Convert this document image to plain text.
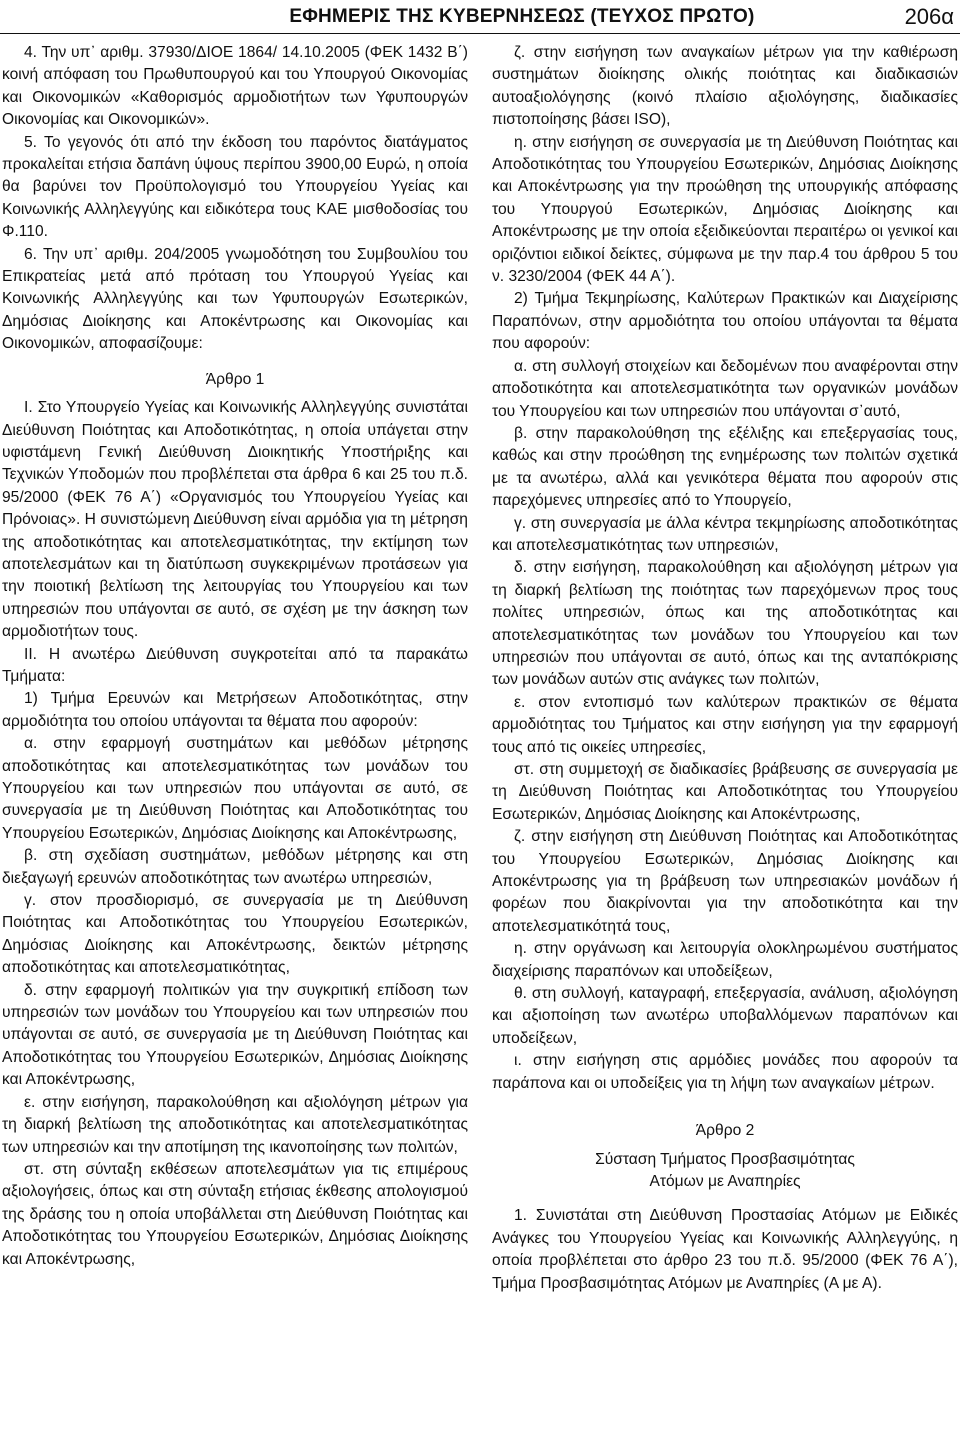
ΕΦΗΜΕΡΙΣ ΤΗΣ ΚΥΒΕΡΝΗΣΕΩΣ (ΤΕΥΧΟΣ ΠΡΩΤΟ)	206α

4. Την υπ᾽ αριθμ. 37930/ΔΙΟΕ 1864/ 14.10.2005 (ΦΕΚ 1432 Β΄) κοινή απόφαση του Πρωθυπουργού και του Υπουργού Οικονομίας και Οικονομικών «Καθορισμός αρμοδιοτήτων των Υφυπουργών Οικονομίας και Οικονομικών».

5. Το γεγονός ότι από την έκδοση του παρόντος διατάγματος προκαλείται ετήσια δαπάνη ύψους περίπου 3900,00 Ευρώ, η οποία θα βαρύνει τον Προϋπολογισμό του Υπουργείου Υγείας και Κοινωνικής Αλληλεγγύης και ειδικότερα τους ΚΑΕ μισθοδοσίας του Φ.110.

6. Την υπ᾽ αριθμ. 204/2005 γνωμοδότηση του Συμβουλίου του Επικρατείας μετά από πρόταση του Υπουργού Υγείας και Κοινωνικής Αλληλεγγύης και των Υφυπουργών Εσωτερικών, Δημόσιας Διοίκησης και Αποκέντρωσης και Οικονομίας και Οικονομικών, αποφασίζουμε:

Άρθρο 1

Ι. Στο Υπουργείο Υγείας και Κοινωνικής Αλληλεγγύης συνιστάται Διεύθυνση Ποιότητας και Αποδοτικότητας, η οποία υπάγεται στην υφιστάμενη Γενική Διεύθυνση Διοικητικής Υποστήριξης και Τεχνικών Υποδομών που προβλέπεται στα άρθρα 6 και 25 του π.δ. 95/2000 (ΦΕΚ 76 Α΄) «Οργανισμός του Υπουργείου Υγείας και Πρόνοιας». Η συνιστώμενη Διεύθυνση είναι αρμόδια για τη μέτρηση της αποδοτικότητας και αποτελεσματικότητας, την εκτίμηση των αποτελεσμάτων και τη διατύπωση συγκεκριμένων προτάσεων για την ποιοτική βελτίωση της λειτουργίας του Υπουργείου και των υπηρεσιών που υπάγονται σε αυτό, σε σχέση με την άσκηση των αρμοδιοτήτων τους.

ΙΙ. Η ανωτέρω Διεύθυνση συγκροτείται από τα παρακάτω Τμήματα:

1) Τμήμα Ερευνών και Μετρήσεων Αποδοτικότητας, στην αρμοδιότητα του οποίου υπάγονται τα θέματα που αφορούν:

α. στην εφαρμογή συστημάτων και μεθόδων μέτρησης αποδοτικότητας και αποτελεσματικότητας των μονάδων του Υπουργείου και των υπηρεσιών που υπάγονται σε αυτό, σε συνεργασία με τη Διεύθυνση Ποιότητας και Αποδοτικότητας του Υπουργείου Εσωτερικών, Δημόσιας Διοίκησης και Αποκέντρωσης,

β. στη σχεδίαση συστημάτων, μεθόδων μέτρησης και στη διεξαγωγή ερευνών αποδοτικότητας των ανωτέρω υπηρεσιών,

γ. στον προσδιορισμό, σε συνεργασία με τη Διεύθυνση Ποιότητας και Αποδοτικότητας του Υπουργείου Εσωτερικών, Δημόσιας Διοίκησης και Αποκέντρωσης, δεικτών μέτρησης αποδοτικότητας και αποτελεσματικότητας,

δ. στην εφαρμογή πολιτικών για την συγκριτική επίδοση των υπηρεσιών των μονάδων του Υπουργείου και των υπηρεσιών που υπάγονται σε αυτό, σε συνεργασία με τη Διεύθυνση Ποιότητας και Αποδοτικότητας του Υπουργείου Εσωτερικών, Δημόσιας Διοίκησης και Αποκέντρωσης,

ε. στην εισήγηση, παρακολούθηση και αξιολόγηση μέτρων για τη διαρκή βελτίωση της αποδοτικότητας και αποτελεσματικότητας των υπηρεσιών και την αποτίμηση της ικανοποίησης των πολιτών,

στ. στη σύνταξη εκθέσεων αποτελεσμάτων για τις επιμέρους αξιολογήσεις, όπως και στη σύνταξη ετήσιας έκθεσης απολογισμού της δράσης του η οποία υποβάλλεται στη Διεύθυνση Ποιότητας και Αποδοτικότητας του Υπουργείου Εσωτερικών, Δημόσιας Διοίκησης και Αποκέντρωσης,

ζ. στην εισήγηση των αναγκαίων μέτρων για την καθιέρωση συστημάτων διοίκησης ολικής ποιότητας και διαδικασιών αυτοαξιολόγησης (κοινό πλαίσιο αξιολόγησης, διαδικασίες πιστοποίησης βάσει ISO),

η. στην εισήγηση σε συνεργασία με τη Διεύθυνση Ποιότητας και Αποδοτικότητας του Υπουργείου Εσωτερικών, Δημόσιας Διοίκησης και Αποκέντρωσης για την προώθηση της υπουργικής απόφασης του Υπουργού Εσωτερικών, Δημόσιας Διοίκησης και Αποκέντρωσης με την οποία εξειδικεύονται περαιτέρω οι γενικοί και οριζόντιοι ειδικοί δείκτες, σύμφωνα με την παρ.4 του άρθρου 5 του ν. 3230/2004 (ΦΕΚ 44 Α΄).

2) Τμήμα Τεκμηρίωσης, Καλύτερων Πρακτικών και Διαχείρισης Παραπόνων, στην αρμοδιότητα του οποίου υπάγονται τα θέματα που αφορούν:

α. στη συλλογή στοιχείων και δεδομένων που αναφέρονται στην αποδοτικότητα και αποτελεσματικότητα των οργανικών μονάδων του Υπουργείου και των υπηρεσιών που υπάγονται σ᾽αυτό,

β. στην παρακολούθηση της εξέλιξης και επεξεργασίας τους, καθώς και στην προώθηση της ενημέρωσης των πολιτών σχετικά με τα ανωτέρω, αλλά και γενικότερα θέματα που αφορούν στις παρεχόμενες υπηρεσίες από το Υπουργείο,

γ. στη συνεργασία με άλλα κέντρα τεκμηρίωσης αποδοτικότητας και αποτελεσματικότητας των υπηρεσιών,

δ. στην εισήγηση, παρακολούθηση και αξιολόγηση μέτρων για τη διαρκή βελτίωση της ποιότητας των παρεχόμενων προς τους πολίτες υπηρεσιών, όπως και της αποδοτικότητας και αποτελεσματικότητας των μονάδων του Υπουργείου και των υπηρεσιών που υπάγονται σε αυτό, όπως και της ανταπόκρισης των μονάδων αυτών στις ανάγκες των πολιτών,

ε. στον εντοπισμό των καλύτερων πρακτικών σε θέματα αρμοδιότητας του Τμήματος και στην εισήγηση για την εφαρμογή τους από τις οικείες υπηρεσίες,

στ. στη συμμετοχή σε διαδικασίες βράβευσης σε συνεργασία με τη Διεύθυνση Ποιότητας και Αποδοτικότητας του Υπουργείου Εσωτερικών, Δημόσιας Διοίκησης και Αποκέντρωσης,

ζ. στην εισήγηση στη Διεύθυνση Ποιότητας και Αποδοτικότητας του Υπουργείου Εσωτερικών, Δημόσιας Διοίκησης και Αποκέντρωσης για τη βράβευση των υπηρεσιακών μονάδων ή φορέων που διακρίνονται για την αποδοτικότητα και την αποτελεσματικότητά τους,

η. στην οργάνωση και λειτουργία ολοκληρωμένου συστήματος διαχείρισης παραπόνων και υποδείξεων,

θ. στη συλλογή, καταγραφή, επεξεργασία, ανάλυση, αξιολόγηση και αξιοποίηση των ανωτέρω υποβαλλόμενων παραπόνων και υποδείξεων,

ι. στην εισήγηση στις αρμόδιες μονάδες που αφορούν τα παράπονα και οι υποδείξεις για τη λήψη των αναγκαίων μέτρων.

Άρθρο 2

Σύσταση Τμήματος Προσβασιμότητας

Ατόμων με Αναπηρίες

1. Συνιστάται στη Διεύθυνση Προστασίας Ατόμων με Ειδικές Ανάγκες του Υπουργείου Υγείας και Κοινωνικής Αλληλεγγύης, η οποία προβλέπεται στο άρθρο 23 του π.δ. 95/2000 (ΦΕΚ 76 Α΄), Τμήμα Προσβασιμότητας Ατόμων με Αναπηρίες (Α με Α).
